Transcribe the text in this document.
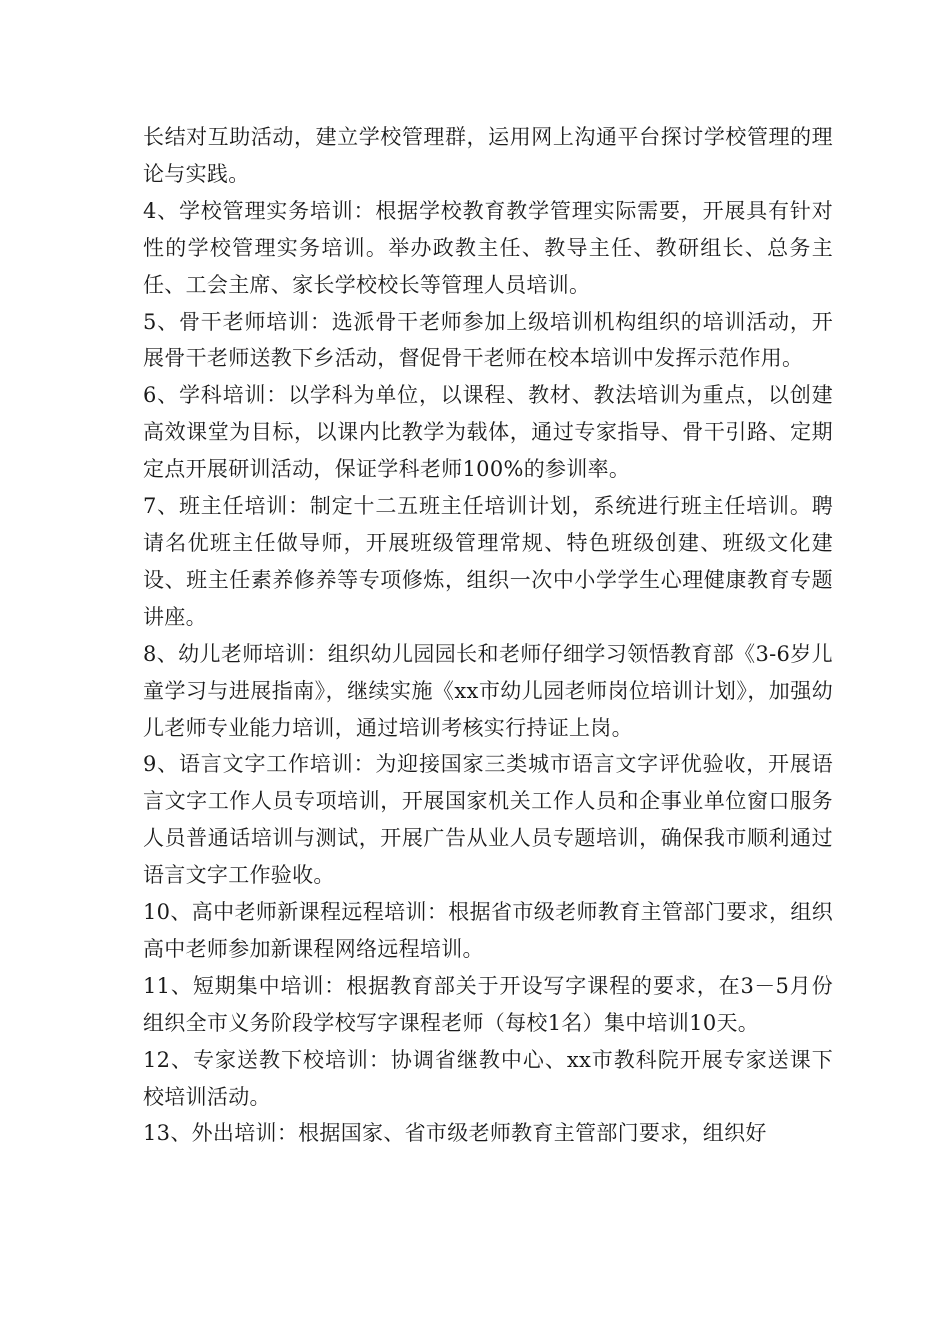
长结对互助活动，建立学校管理群，运用网上沟通平台探讨学校管理的理论与实践。

4、学校管理实务培训：根据学校教育教学管理实际需要，开展具有针对性的学校管理实务培训。举办政教主任、教导主任、教研组长、总务主任、工会主席、家长学校校长等管理人员培训。

5、骨干老师培训：选派骨干老师参加上级培训机构组织的培训活动，开展骨干老师送教下乡活动，督促骨干老师在校本培训中发挥示范作用。

6、学科培训：以学科为单位，以课程、教材、教法培训为重点，以创建高效课堂为目标，以课内比教学为载体，通过专家指导、骨干引路、定期定点开展研训活动，保证学科老师100%的参训率。

7、班主任培训：制定十二五班主任培训计划，系统进行班主任培训。聘请名优班主任做导师，开展班级管理常规、特色班级创建、班级文化建设、班主任素养修养等专项修炼，组织一次中小学学生心理健康教育专题讲座。

8、幼儿老师培训：组织幼儿园园长和老师仔细学习领悟教育部《3-6岁儿童学习与进展指南》，继续实施《xx市幼儿园老师岗位培训计划》，加强幼儿老师专业能力培训，通过培训考核实行持证上岗。

9、语言文字工作培训：为迎接国家三类城市语言文字评优验收，开展语言文字工作人员专项培训，开展国家机关工作人员和企事业单位窗口服务人员普通话培训与测试，开展广告从业人员专题培训，确保我市顺利通过语言文字工作验收。

10、高中老师新课程远程培训：根据省市级老师教育主管部门要求，组织高中老师参加新课程网络远程培训。

11、短期集中培训：根据教育部关于开设写字课程的要求，在3－5月份组织全市义务阶段学校写字课程老师（每校1名）集中培训10天。

12、专家送教下校培训：协调省继教中心、xx市教科院开展专家送课下校培训活动。

13、外出培训：根据国家、省市级老师教育主管部门要求，组织好
